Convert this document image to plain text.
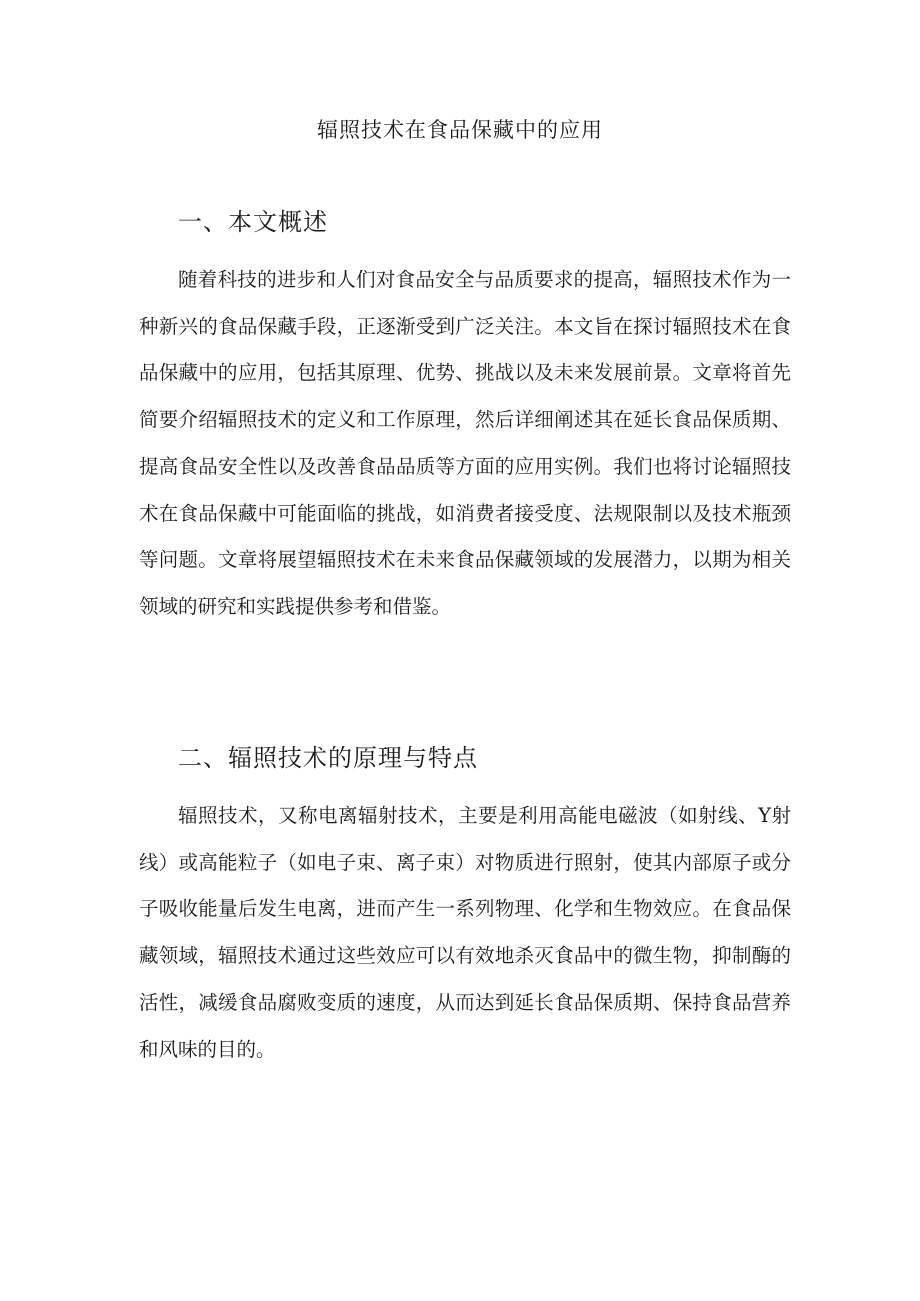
辐照技术在食品保藏中的应用
一、本文概述

随着科技的进步和人们对食品安全与品质要求的提高，辐照技术作为一种新兴的食品保藏手段，正逐渐受到广泛关注。本文旨在探讨辐照技术在食品保藏中的应用，包括其原理、优势、挑战以及未来发展前景。文章将首先简要介绍辐照技术的定义和工作原理，然后详细阐述其在延长食品保质期、提高食品安全性以及改善食品品质等方面的应用实例。我们也将讨论辐照技术在食品保藏中可能面临的挑战，如消费者接受度、法规限制以及技术瓶颈等问题。文章将展望辐照技术在未来食品保藏领域的发展潜力，以期为相关领域的研究和实践提供参考和借鉴。

二、辐照技术的原理与特点

辐照技术，又称电离辐射技术，主要是利用高能电磁波（如射线、Y射线）或高能粒子（如电子束、离子束）对物质进行照射，使其内部原子或分子吸收能量后发生电离，进而产生一系列物理、化学和生物效应。在食品保藏领域，辐照技术通过这些效应可以有效地杀灭食品中的微生物，抑制酶的活性，减缓食品腐败变质的速度，从而达到延长食品保质期、保持食品营养和风味的目的。
